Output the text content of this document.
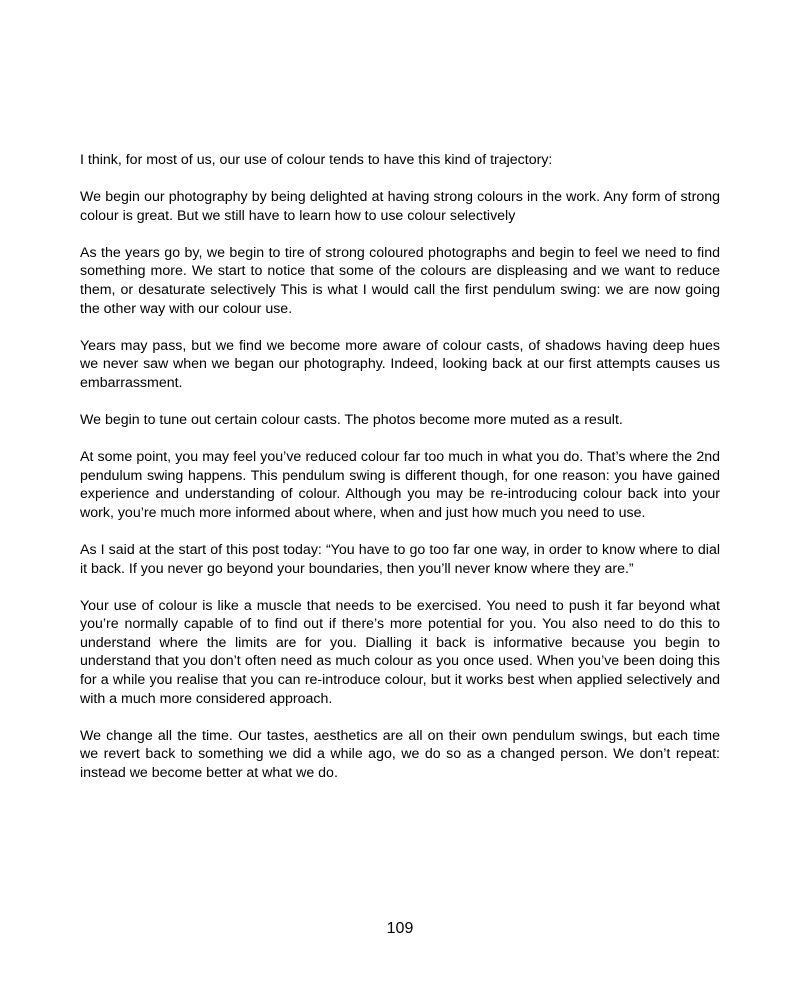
I think, for most of us, our use of colour tends to have this kind of trajectory:

We begin our photography by being delighted at having strong colours in the work. Any form of strong colour is great. But we still have to learn how to use colour selectively

As the years go by, we begin to tire of strong coloured photographs and begin to feel we need to find something more. We start to notice that some of the colours are displeasing and we want to reduce them, or desaturate selectively This is what I would call the first pendulum swing: we are now going the other way with our colour use.

Years may pass, but we find we become more aware of colour casts, of shadows having deep hues we never saw when we began our photography. Indeed, looking back at our first attempts causes us embarrassment.

We begin to tune out certain colour casts. The photos become more muted as a result.

At some point, you may feel you’ve reduced colour far too much in what you do. That’s where the 2nd pendulum swing happens. This pendulum swing is different though, for one reason: you have gained experience and understanding of colour. Although you may be re-introducing colour back into your work, you’re much more informed about where, when and just how much you need to use.

As I said at the start of this post today: “You have to go too far one way, in order to know where to dial it back. If you never go beyond your boundaries, then you’ll never know where they are.”

Your use of colour is like a muscle that needs to be exercised. You need to push it far beyond what you’re normally capable of to find out if there’s more potential for you. You also need to do this to understand where the limits are for you. Dialling it back is informative because you begin to understand that you don’t often need as much colour as you once used. When you’ve been doing this for a while you realise that you can re-introduce colour, but it works best when applied selectively and with a much more considered approach.

We change all the time. Our tastes, aesthetics are all on their own pendulum swings, but each time we revert back to something we did a while ago, we do so as a changed person. We don’t repeat: instead we become better at what we do.

109
